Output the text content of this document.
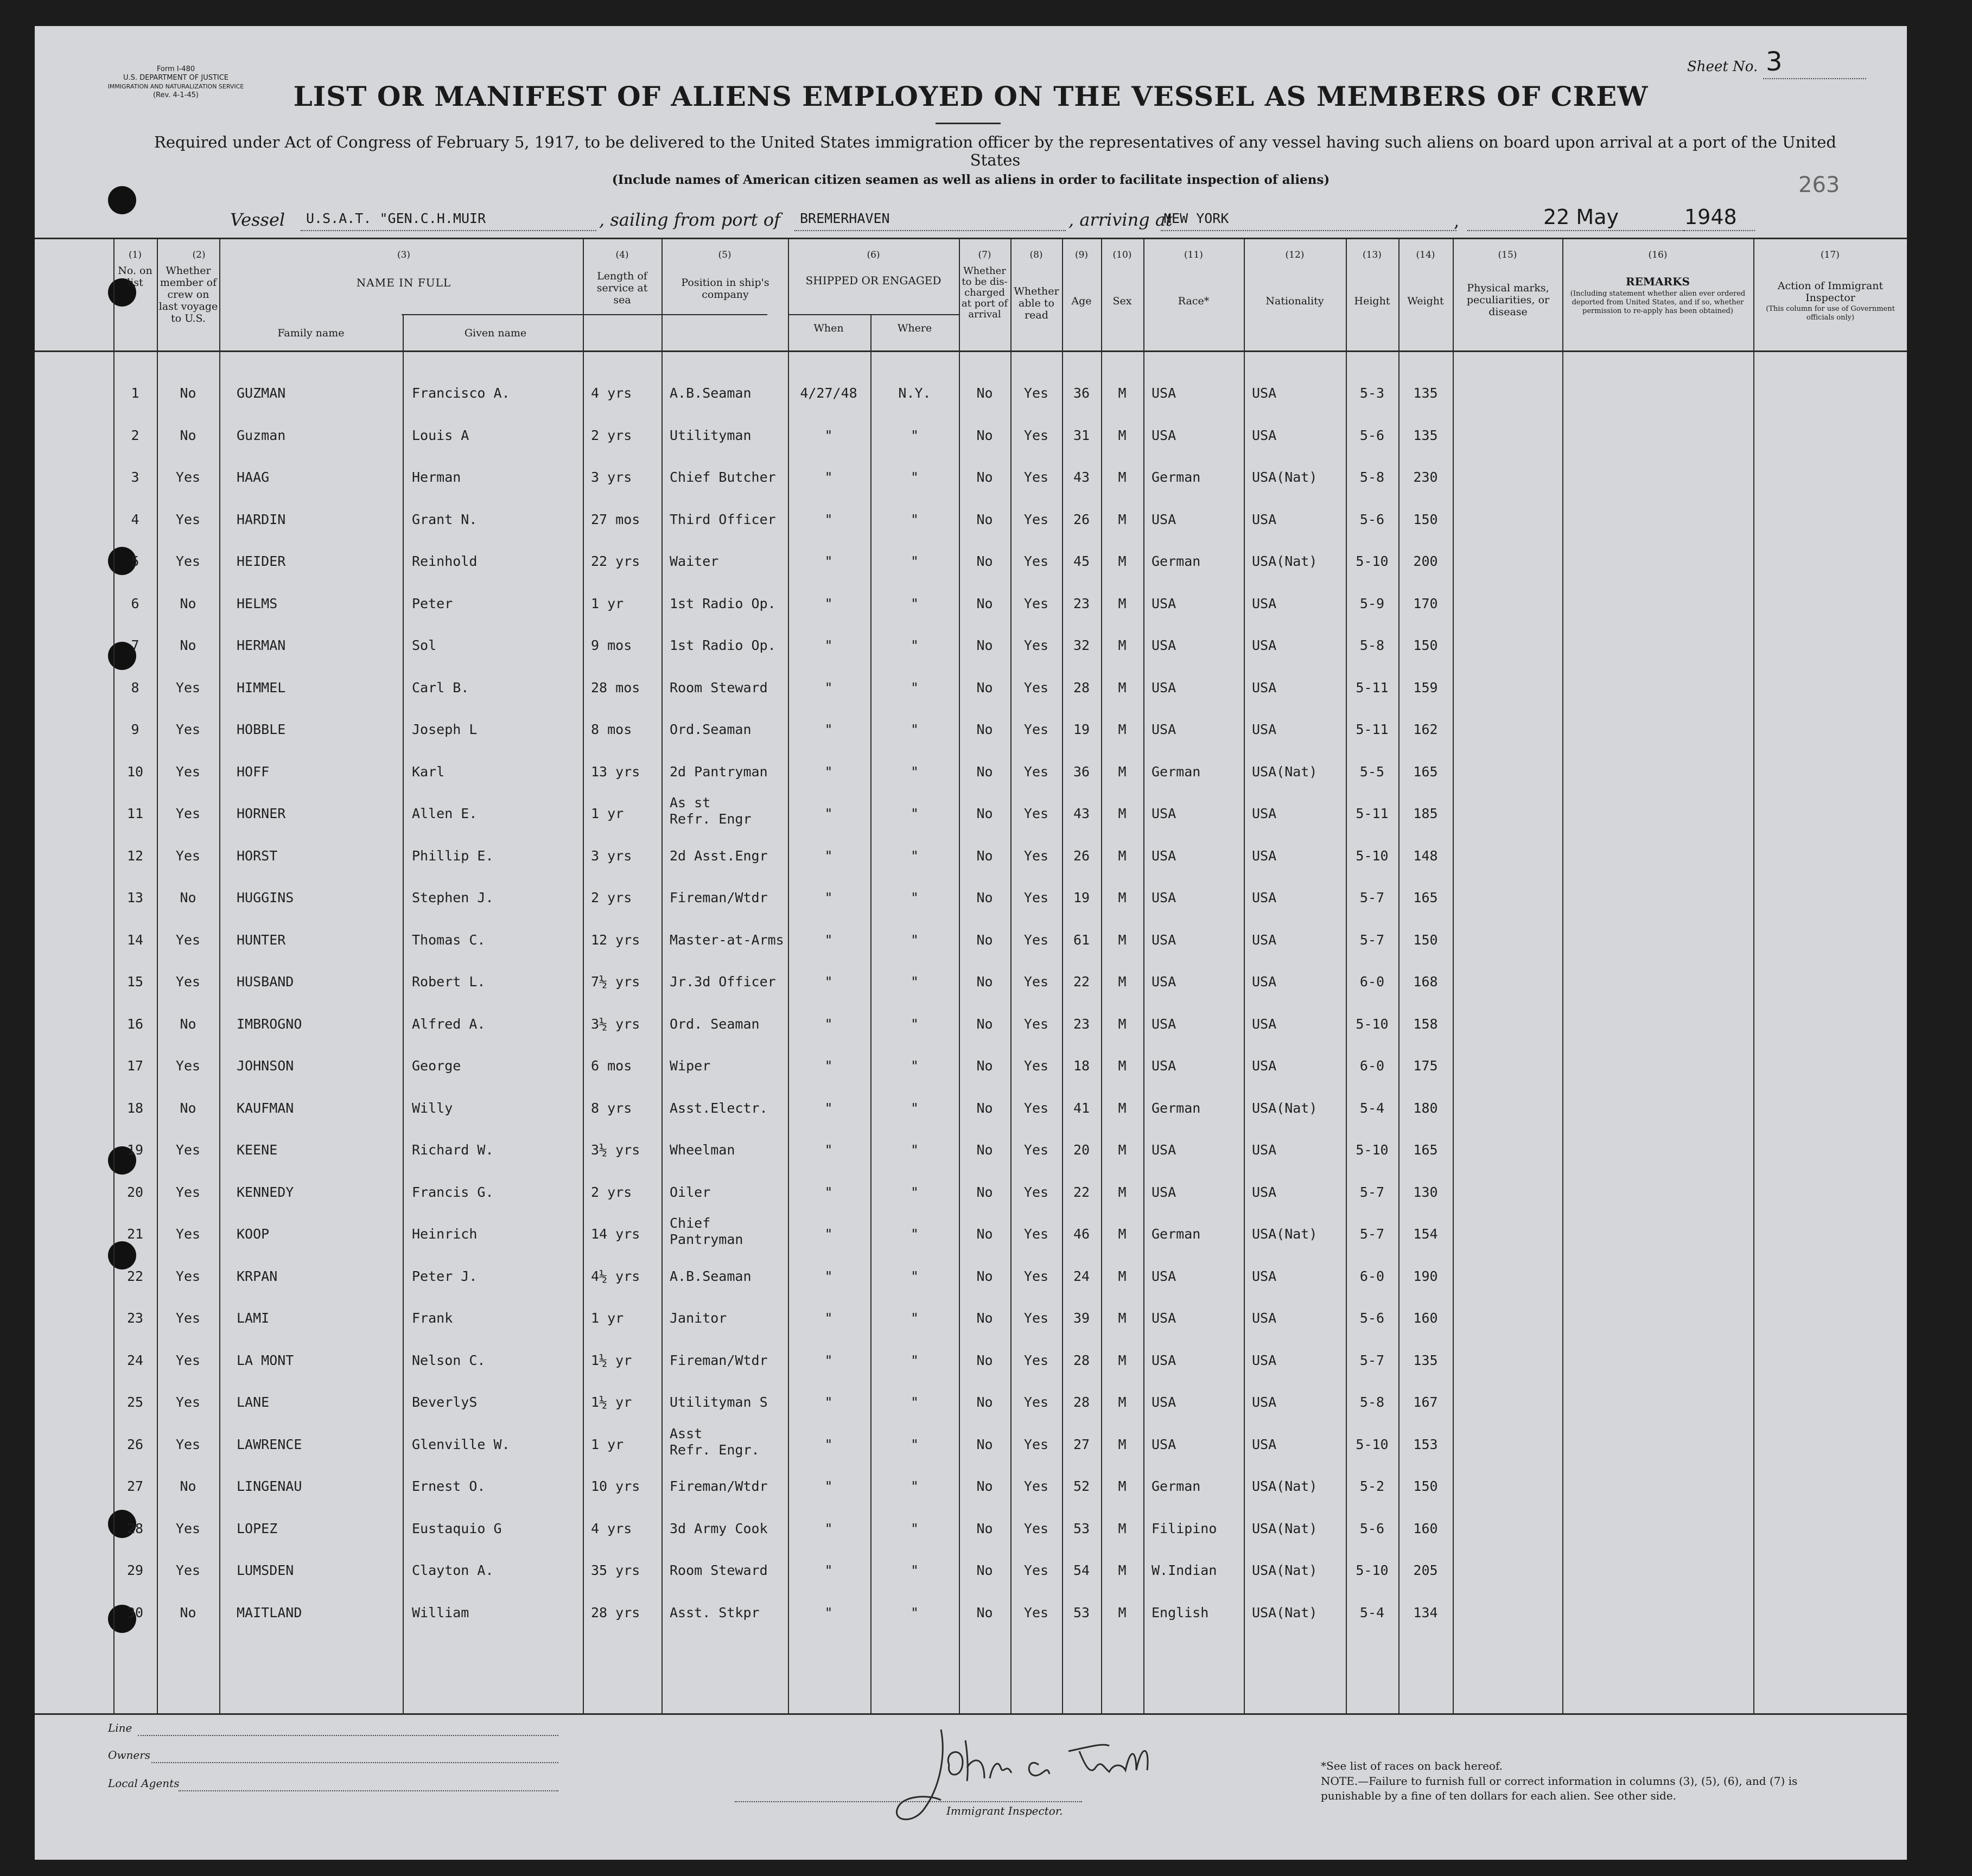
Form I-480
U.S. DEPARTMENT OF JUSTICE
IMMIGRATION AND NATURALIZATION SERVICE
(Rev. 4-1-45)
Sheet No. 3
LIST OR MANIFEST OF ALIENS EMPLOYED ON THE VESSEL AS MEMBERS OF CREW
Required under Act of Congress of February 5, 1917, to be delivered to the United States immigration officer by the representatives of any vessel having such aliens on board upon arrival at a port of the United States
(Include names of American citizen seamen as well as aliens in order to facilitate inspection of aliens)	263
Vessel U.S.A.T. "GEN.C.H.MUIR	, sailing from port of BREMERHAVEN	, arriving at
NEW YORK	,	22 May	1948
(1)	(2)	(3)	(4)	(5)	(6)	(7)	(8)	(9)	(10)	(11)	(12)	(13)	(14)	(15)	(16)	(17)
No. on list
Whether member of crew on last voyage to U.S.
NAME IN FULL
Family name	Given name
Length of service at sea
Position in ship's company
SHIPPED OR ENGAGED
When	Where
Whether to be dis-charged at port of arrival
Whether able to read
Age	Sex	Race*	Nationality	Height	Weight
Physical marks, peculiarities, or disease
REMARKS
(Including statement whether alien ever ordered deported from United States, and if so, whether permission to re-apply has been obtained)
Action of Immigrant Inspector
(This column for use of Government officials only)
1	No	GUZMAN	Francisco A.	4 yrs	A.B.Seaman	4/27/48	N.Y.	No	Yes	36	M	USA	USA	5-3	135
2	No	Guzman	Louis A	2 yrs	Utilityman	"	"	No	Yes	31	M	USA	USA	5-6	135
3	Yes	HAAG	Herman	3 yrs	Chief Butcher	"	"	No	Yes	43	M	German	USA(Nat)	5-8	230
4	Yes	HARDIN	Grant N.	27 mos	Third Officer	"	"	No	Yes	26	M	USA	USA	5-6	150
5	Yes	HEIDER	Reinhold	22 yrs	Waiter	"	"	No	Yes	45	M	German	USA(Nat)	5-10	200
6	No	HELMS	Peter	1 yr	1st Radio Op.	"	"	No	Yes	23	M	USA	USA	5-9	170
7	No	HERMAN	Sol	9 mos	1st Radio Op.	"	"	No	Yes	32	M	USA	USA	5-8	150
8	Yes	HIMMEL	Carl B.	28 mos	Room Steward	"	"	No	Yes	28	M	USA	USA	5-11	159
9	Yes	HOBBLE	Joseph L	8 mos	Ord.Seaman	"	"	No	Yes	19	M	USA	USA	5-11	162
10	Yes	HOFF	Karl	13 yrs	2d Pantryman	"	"	No	Yes	36	M	German	USA(Nat)	5-5	165
11	Yes	HORNER	Allen E.	1 yr
As st
Refr. Engr	"	"	No	Yes	43	M	USA	USA	5-11	185
12	Yes	HORST	Phillip E.	3 yrs	2d Asst.Engr	"	"	No	Yes	26	M	USA	USA	5-10	148
13	No	HUGGINS	Stephen J.	2 yrs	Fireman/Wtdr	"	"	No	Yes	19	M	USA	USA	5-7	165
14	Yes	HUNTER	Thomas C.	12 yrs	Master-at-Arms	"	"	No	Yes	61	M	USA	USA	5-7	150
15	Yes	HUSBAND	Robert L.	7½ yrs	Jr.3d Officer	"	"	No	Yes	22	M	USA	USA	6-0	168
16	No	IMBROGNO	Alfred A.	3½ yrs	Ord. Seaman	"	"	No	Yes	23	M	USA	USA	5-10	158
17	Yes	JOHNSON	George	6 mos	Wiper	"	"	No	Yes	18	M	USA	USA	6-0	175
18	No	KAUFMAN	Willy	8 yrs	Asst.Electr.	"	"	No	Yes	41	M	German	USA(Nat)	5-4	180
19	Yes	KEENE	Richard W.	3½ yrs	Wheelman	"	"	No	Yes	20	M	USA	USA	5-10	165
20	Yes	KENNEDY	Francis G.	2 yrs	Oiler	"	"	No	Yes	22	M	USA	USA	5-7	130
21	Yes	KOOP	Heinrich	14 yrs
Chief
Pantryman	"	"	No	Yes	46	M	German	USA(Nat)	5-7	154
22	Yes	KRPAN	Peter J.	4½ yrs	A.B.Seaman	"	"	No	Yes	24	M	USA	USA	6-0	190
23	Yes	LAMI	Frank	1 yr	Janitor	"	"	No	Yes	39	M	USA	USA	5-6	160
24	Yes	LA MONT	Nelson C.	1½ yr	Fireman/Wtdr	"	"	No	Yes	28	M	USA	USA	5-7	135
25	Yes	LANE	BeverlyS	1½ yr	Utilityman S	"	"	No	Yes	28	M	USA	USA	5-8	167
26	Yes	LAWRENCE	Glenville W.	1 yr
Asst
Refr. Engr.	"	"	No	Yes	27	M	USA	USA	5-10	153
27	No	LINGENAU	Ernest O.	10 yrs	Fireman/Wtdr	"	"	No	Yes	52	M	German	USA(Nat)	5-2	150
28	Yes	LOPEZ	Eustaquio G	4 yrs	3d Army Cook	"	"	No	Yes	53	M	Filipino	USA(Nat)	5-6	160
29	Yes	LUMSDEN	Clayton A.	35 yrs	Room Steward	"	"	No	Yes	54	M	W.Indian	USA(Nat)	5-10	205
30	No	MAITLAND	William	28 yrs	Asst. Stkpr	"	"	No	Yes	53	M	English	USA(Nat)	5-4	134
Line
Owners
Local Agents
Immigrant Inspector.
*See list of races on back hereof.
NOTE.—Failure to furnish full or correct information in columns (3), (5), (6), and (7) is punishable by a fine of ten dollars for each alien. See other side.
